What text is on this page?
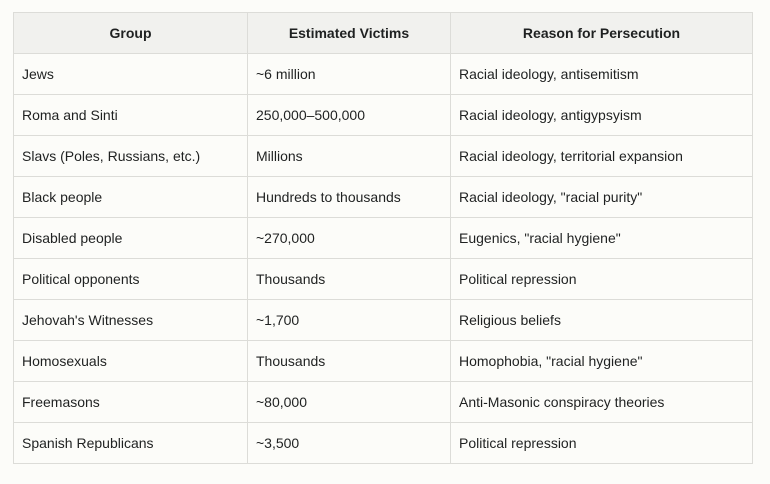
Group	Estimated Victims	Reason for Persecution
Jews	~6 million	Racial ideology, antisemitism
Roma and Sinti	250,000–500,000	Racial ideology, antigypsyism
Slavs (Poles, Russians, etc.)	Millions	Racial ideology, territorial expansion
Black people	Hundreds to thousands	Racial ideology, "racial purity"
Disabled people	~270,000	Eugenics, "racial hygiene"
Political opponents	Thousands	Political repression
Jehovah's Witnesses	~1,700	Religious beliefs
Homosexuals	Thousands	Homophobia, "racial hygiene"
Freemasons	~80,000	Anti-Masonic conspiracy theories
Spanish Republicans	~3,500	Political repression
